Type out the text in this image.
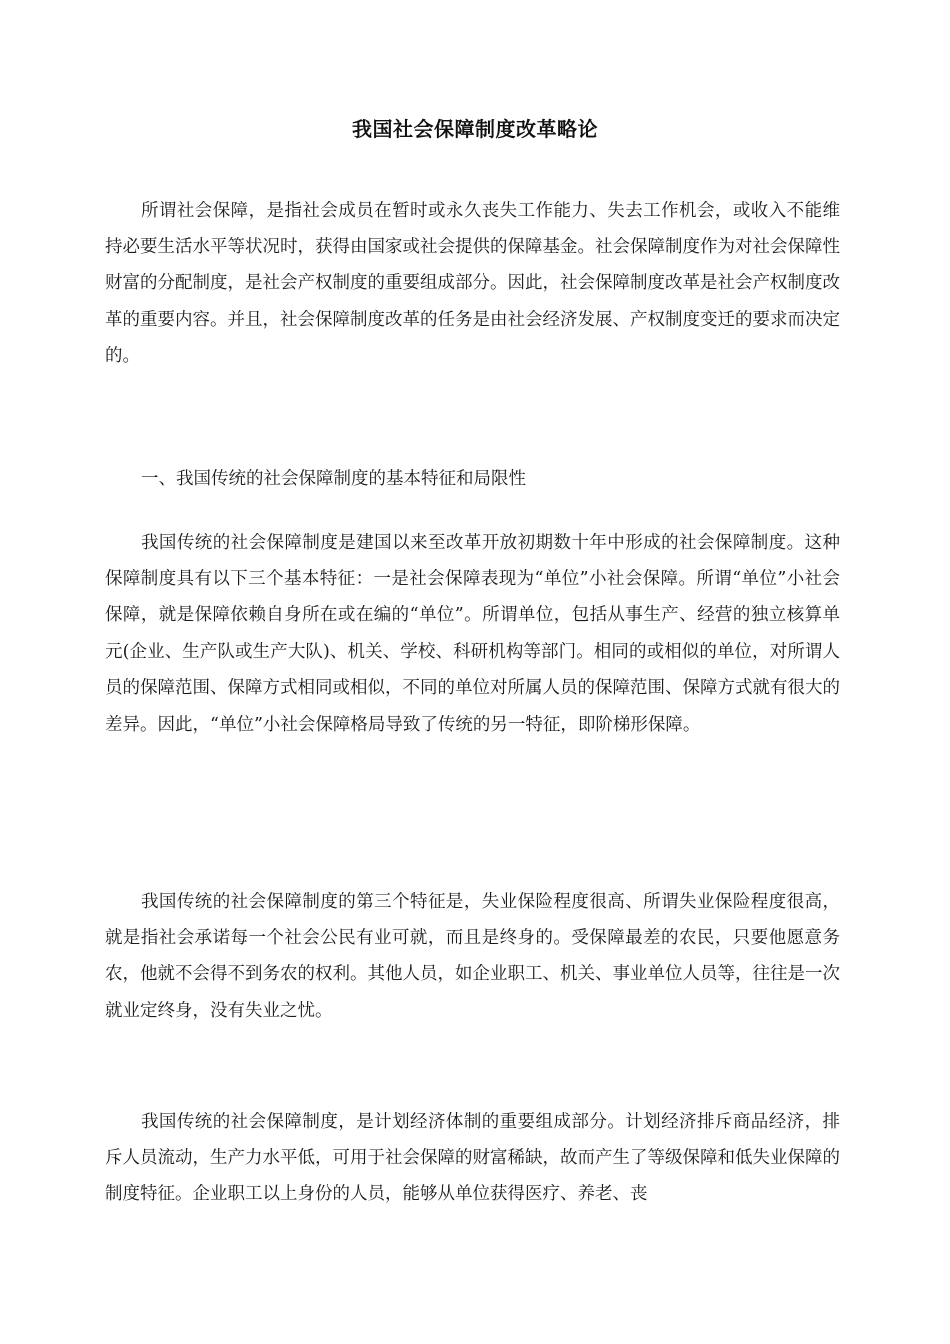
我国社会保障制度改革略论

所谓社会保障，是指社会成员在暂时或永久丧失工作能力、失去工作机会，或收入不能维持必要生活水平等状况时，获得由国家或社会提供的保障基金。社会保障制度作为对社会保障性财富的分配制度，是社会产权制度的重要组成部分。因此，社会保障制度改革是社会产权制度改革的重要内容。并且，社会保障制度改革的任务是由社会经济发展、产权制度变迁的要求而决定的。

一、我国传统的社会保障制度的基本特征和局限性

我国传统的社会保障制度是建国以来至改革开放初期数十年中形成的社会保障制度。这种保障制度具有以下三个基本特征：一是社会保障表现为“单位”小社会保障。所谓“单位”小社会保障，就是保障依赖自身所在或在编的“单位”。所谓单位，包括从事生产、经营的独立核算单元(企业、生产队或生产大队)、机关、学校、科研机构等部门。相同的或相似的单位，对所谓人员的保障范围、保障方式相同或相似，不同的单位对所属人员的保障范围、保障方式就有很大的差异。因此，“单位”小社会保障格局导致了传统的另一特征，即阶梯形保障。

我国传统的社会保障制度的第三个特征是，失业保险程度很高、所谓失业保险程度很高，就是指社会承诺每一个社会公民有业可就，而且是终身的。受保障最差的农民，只要他愿意务农，他就不会得不到务农的权利。其他人员，如企业职工、机关、事业单位人员等，往往是一次就业定终身，没有失业之忧。

我国传统的社会保障制度，是计划经济体制的重要组成部分。计划经济排斥商品经济，排斥人员流动，生产力水平低，可用于社会保障的财富稀缺，故而产生了等级保障和低失业保障的制度特征。企业职工以上身份的人员，能够从单位获得医疗、养老、丧
